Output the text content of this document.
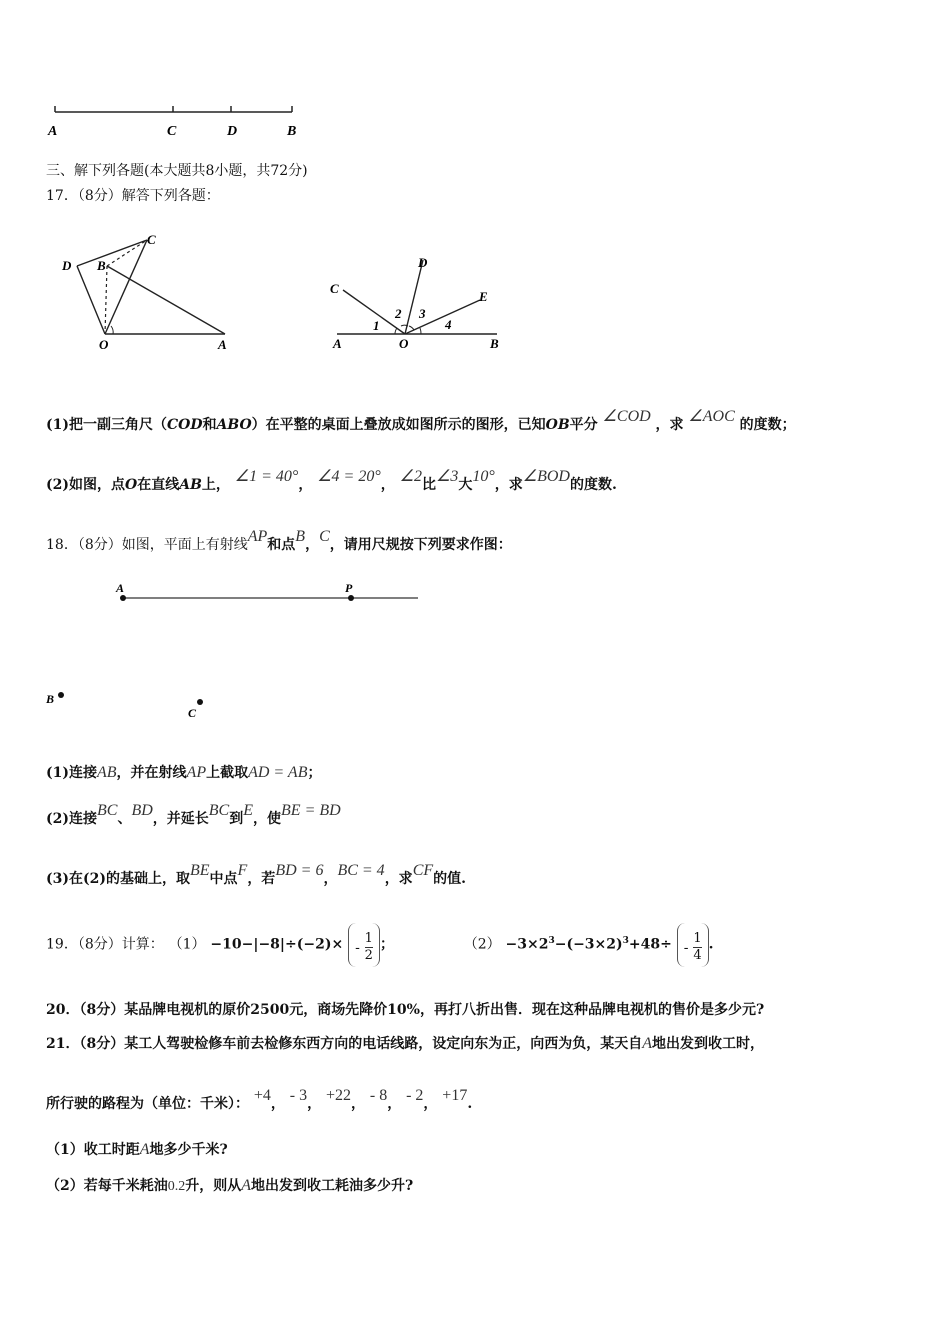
A	C	D	B
三、解下列各题(本大题共8小题，共72分)
17．（8分）解答下列各题：
D B
C
O	A
C
D
E
A	O	B
1
2 3
4
(1)把一副三角尺（COD和ABO）在平整的桌面上叠放成如图所示的图形，已知OB平分 ∠COD ，求 ∠AOC 的度数；
(2)如图，点O在直线AB上， ∠1 = 40°， ∠4 = 20°， ∠2比∠3大10°，求∠BOD的度数.
18．（8分）如图，平面上有射线AP和点B，C，请用尺规按下列要求作图：
A	P
B
C
(1)连接AB，并在射线AP上截取AD = AB；
(2)连接BC、BD，并延长BC到E，使BE = BD
(3)在(2)的基础上，取BE中点F，若BD = 6，BC = 4，求CF的值.
19．（8分）计算： $(1) -10-|-8|\div(-2)\times - \frac{1}{2}$ ；	$(2) -3\times 2^3-(-3\times 2)^3+48\div - \frac{1}{4}$ .
20．（8分）某品牌电视机的原价2500元，商场先降价10%，再打八折出售．现在这种品牌电视机的售价是多少元?
21．（8分）某工人驾驶检修车前去检修东西方向的电话线路，设定向东为正，向西为负，某天自A地出发到收工时，
所行驶的路程为（单位：千米）： +4， - 3， +22， - 8， - 2， +17.
（1）收工时距A地多少千米?
（2）若每千米耗油0.2升，则从A地出发到收工耗油多少升?
